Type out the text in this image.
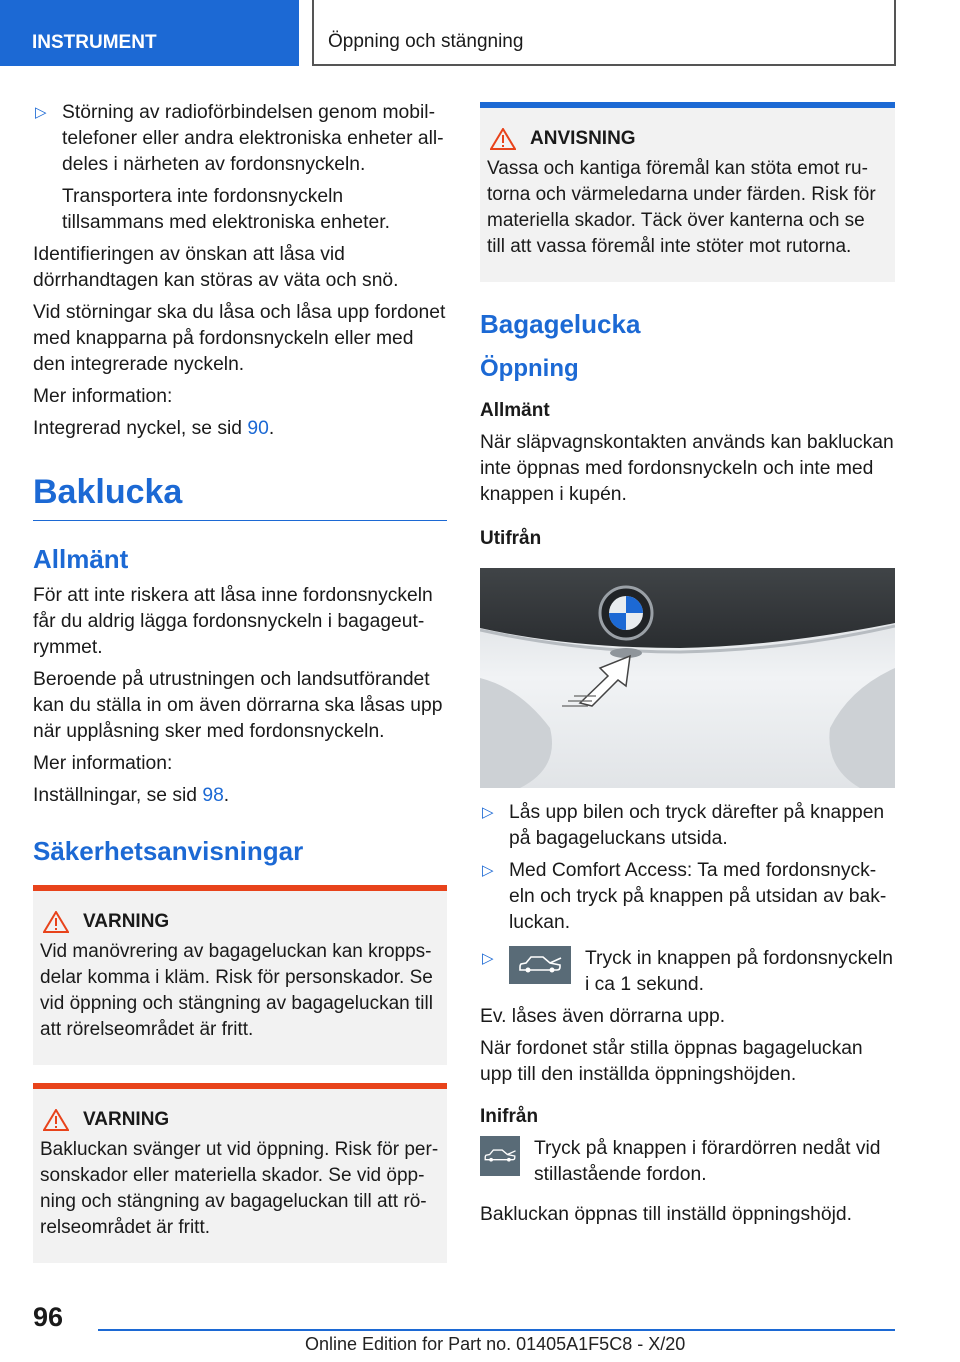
INSTRUMENT	Öppning och stängning
▷ Störning av radioförbindelsen genom mobiltelefoner eller andra elektroniska enheter alldeles i närheten av fordonsnyckeln.
Transportera inte fordonsnyckeln tillsammans med elektroniska enheter.

Identifieringen av önskan att låsa vid dörrhandtagen kan störas av väta och snö.

Vid störningar ska du låsa och låsa upp fordonet med knapparna på fordonsnyckeln eller med den integrerade nyckeln.

Mer information:

Integrerad nyckel, se sid 90.

Baklucka
Allmänt

För att inte riskera att låsa inne fordonsnyckeln får du aldrig lägga fordonsnyckeln i bagageutrymmet.

Beroende på utrustningen och landsutförandet kan du ställa in om även dörrarna ska låsas upp när upplåsning sker med fordonsnyckeln.

Mer information:

Inställningar, se sid 98.

Säkerhetsanvisningar
VARNING
Vid manövrering av bagageluckan kan kroppsdelar komma i kläm. Risk för personskador. Se vid öppning och stängning av bagageluckan till att rörelseområdet är fritt.
VARNING
Bakluckan svänger ut vid öppning. Risk för personskador eller materiella skador. Se vid öppning och stängning av bagageluckan till att rörelseområdet är fritt.
ANVISNING
Vassa och kantiga föremål kan stöta emot rutorna och värmeledarna under färden. Risk för materiella skador. Täck över kanterna och se till att vassa föremål inte stöter mot rutorna.
Bagagelucka
Öppning
Allmänt

När släpvagnskontakten används kan bakluckan inte öppnas med fordonsnyckeln och inte med knappen i kupén.

Utifrån
▷ Lås upp bilen och tryck därefter på knappen på bagageluckans utsida.
▷ Med Comfort Access: Ta med fordonsnyckeln och tryck på knappen på utsidan av bakluckan.
▷	Tryck in knappen på fordonsnyckeln i ca 1 sekund.

Ev. låses även dörrarna upp.

När fordonet står stilla öppnas bagageluckan upp till den inställda öppningshöjden.

Inifrån
Tryck på knappen i förardörren nedåt vid stillastående fordon.

Bakluckan öppnas till inställd öppningshöjd.

96
Online Edition for Part no. 01405A1F5C8 - X/20
